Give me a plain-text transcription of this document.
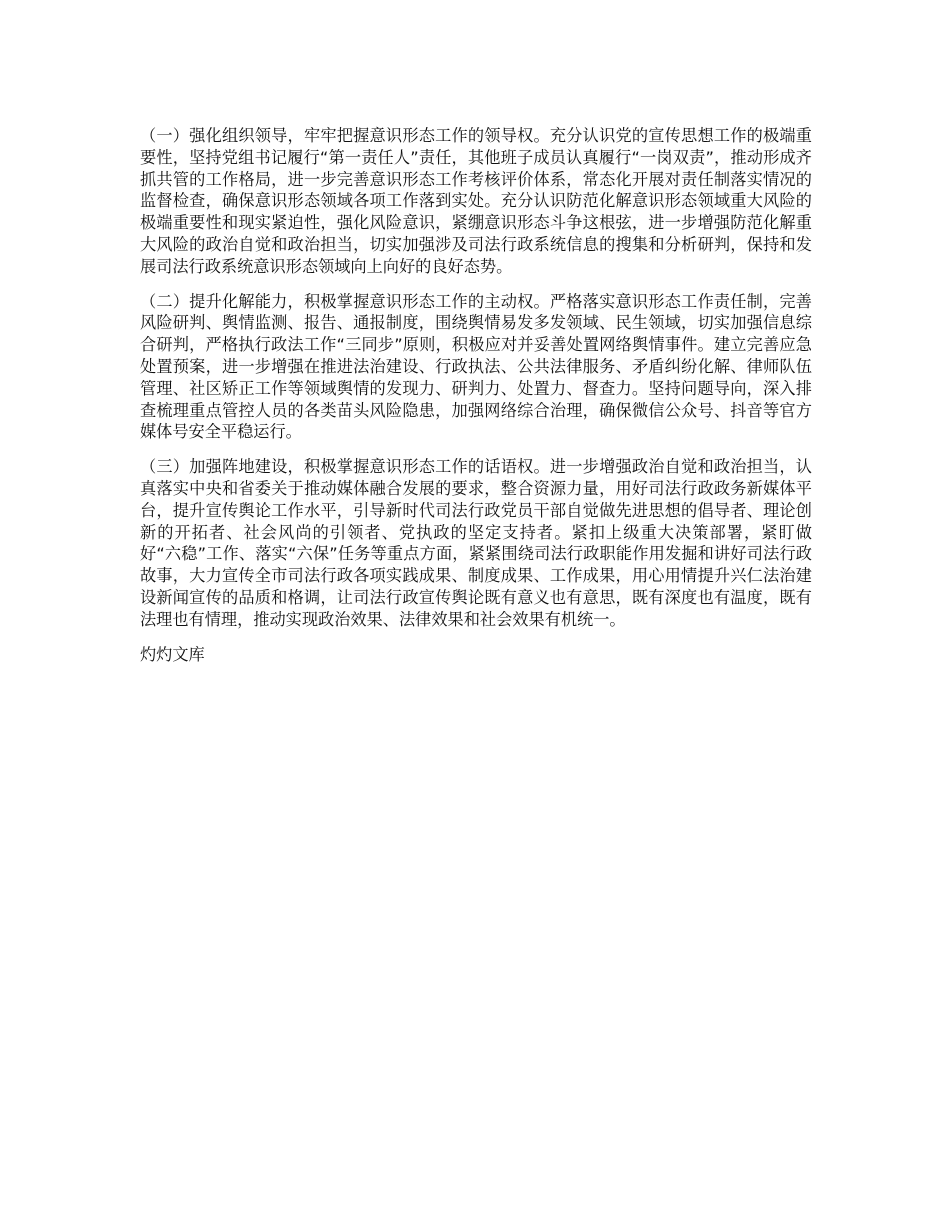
（一）强化组织领导，牢牢把握意识形态工作的领导权。充分认识党的宣传思想工作的极端重要性，坚持党组书记履行“第一责任人”责任，其他班子成员认真履行“一岗双责”，推动形成齐抓共管的工作格局，进一步完善意识形态工作考核评价体系，常态化开展对责任制落实情况的监督检查，确保意识形态领域各项工作落到实处。充分认识防范化解意识形态领域重大风险的极端重要性和现实紧迫性，强化风险意识，紧绷意识形态斗争这根弦，进一步增强防范化解重大风险的政治自觉和政治担当，切实加强涉及司法行政系统信息的搜集和分析研判，保持和发展司法行政系统意识形态领域向上向好的良好态势。

（二）提升化解能力，积极掌握意识形态工作的主动权。严格落实意识形态工作责任制，完善风险研判、舆情监测、报告、通报制度，围绕舆情易发多发领域、民生领域，切实加强信息综合研判，严格执行政法工作“三同步”原则，积极应对并妥善处置网络舆情事件。建立完善应急处置预案，进一步增强在推进法治建设、行政执法、公共法律服务、矛盾纠纷化解、律师队伍管理、社区矫正工作等领域舆情的发现力、研判力、处置力、督查力。坚持问题导向，深入排查梳理重点管控人员的各类苗头风险隐患，加强网络综合治理，确保微信公众号、抖音等官方媒体号安全平稳运行。

（三）加强阵地建设，积极掌握意识形态工作的话语权。进一步增强政治自觉和政治担当，认真落实中央和省委关于推动媒体融合发展的要求，整合资源力量，用好司法行政政务新媒体平台，提升宣传舆论工作水平，引导新时代司法行政党员干部自觉做先进思想的倡导者、理论创新的开拓者、社会风尚的引领者、党执政的坚定支持者。紧扣上级重大决策部署，紧盯做好“六稳”工作、落实“六保”任务等重点方面，紧紧围绕司法行政职能作用发掘和讲好司法行政故事，大力宣传全市司法行政各项实践成果、制度成果、工作成果，用心用情提升兴仁法治建设新闻宣传的品质和格调，让司法行政宣传舆论既有意义也有意思，既有深度也有温度，既有法理也有情理，推动实现政治效果、法律效果和社会效果有机统一。

灼灼文库
